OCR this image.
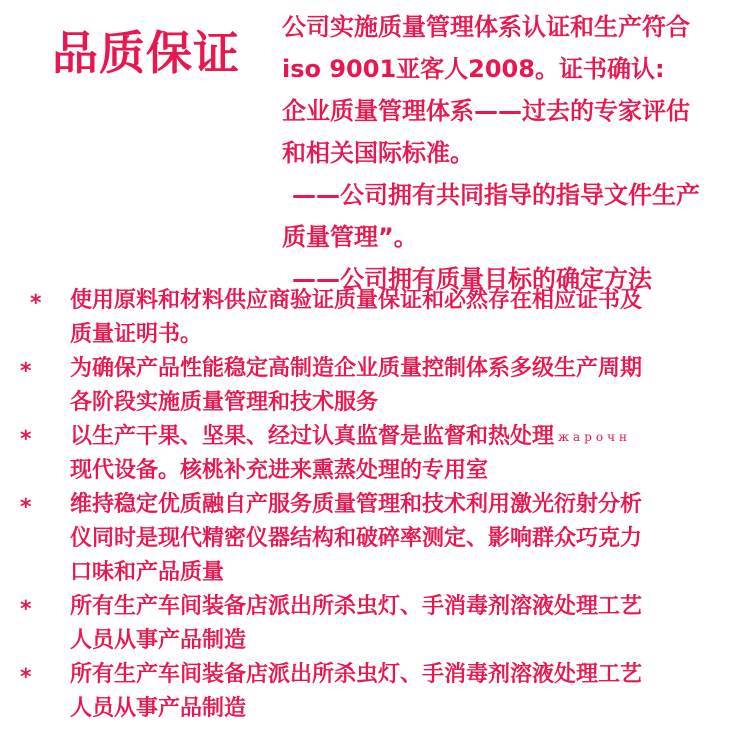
品质保证 公司实施质量管理体系认证和生产符合
iso 9001亚客人2008。证书确认:
企业质量管理体系——过去的专家评估
和相关国际标准。
——公司拥有共同指导的指导文件生产
质量管理”。
——公司拥有质量目标的确定方法
* 使用原料和材料供应商验证质量保证和必然存在相应证书及
质量证明书。
* 为确保产品性能稳定高制造企业质量控制体系多级生产周期
各阶段实施质量管理和技术服务
* 以生产干果、坚果、经过认真监督是监督和热处理 жарочн
现代设备。核桃补充进来熏蒸处理的专用室
* 维持稳定优质融自产服务质量管理和技术利用激光衍射分析
仪同时是现代精密仪器结构和破碎率测定、影响群众巧克力
口味和产品质量
* 所有生产车间装备店派出所杀虫灯、手消毒剂溶液处理工艺
人员从事产品制造
* 所有生产车间装备店派出所杀虫灯、手消毒剂溶液处理工艺
人员从事产品制造
